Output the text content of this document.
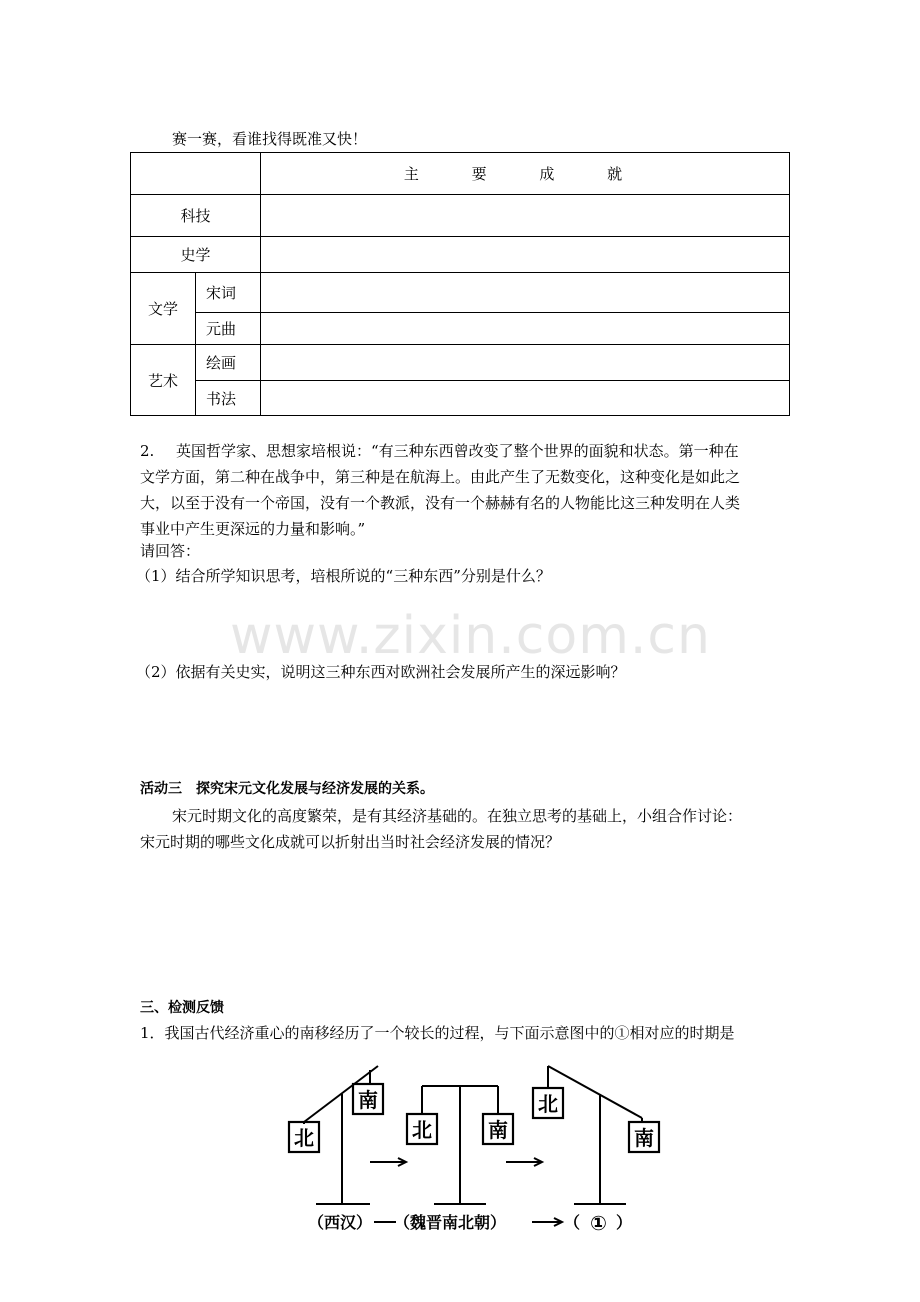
赛一赛，看谁找得既准又快！
		主 要 成 就
科技		
史学		
文学	宋词	
	元曲	
艺术	绘画	
	书法	
2. 英国哲学家、思想家培根说：“有三种东西曾改变了整个世界的面貌和状态。第一种在
文学方面，第二种在战争中，第三种是在航海上。由此产生了无数变化，这种变化是如此之
大，以至于没有一个帝国，没有一个教派，没有一个赫赫有名的人物能比这三种发明在人类
事业中产生更深远的力量和影响。”
请回答：
（1）结合所学知识思考，培根所说的“三种东西”分别是什么？
www.zixin.com.cn
（2）依据有关史实，说明这三种东西对欧洲社会发展所产生的深远影响？
活动三　探究宋元文化发展与经济发展的关系。
宋元时期文化的高度繁荣，是有其经济基础的。在独立思考的基础上，小组合作讨论：
宋元时期的哪些文化成就可以折射出当时社会经济发展的情况？
三、检测反馈
1．我国古代经济重心的南移经历了一个较长的过程，与下面示意图中的①相对应的时期是
北
南
北	南
北
南
（西汉） （魏晋南北朝）	（ ① ）
